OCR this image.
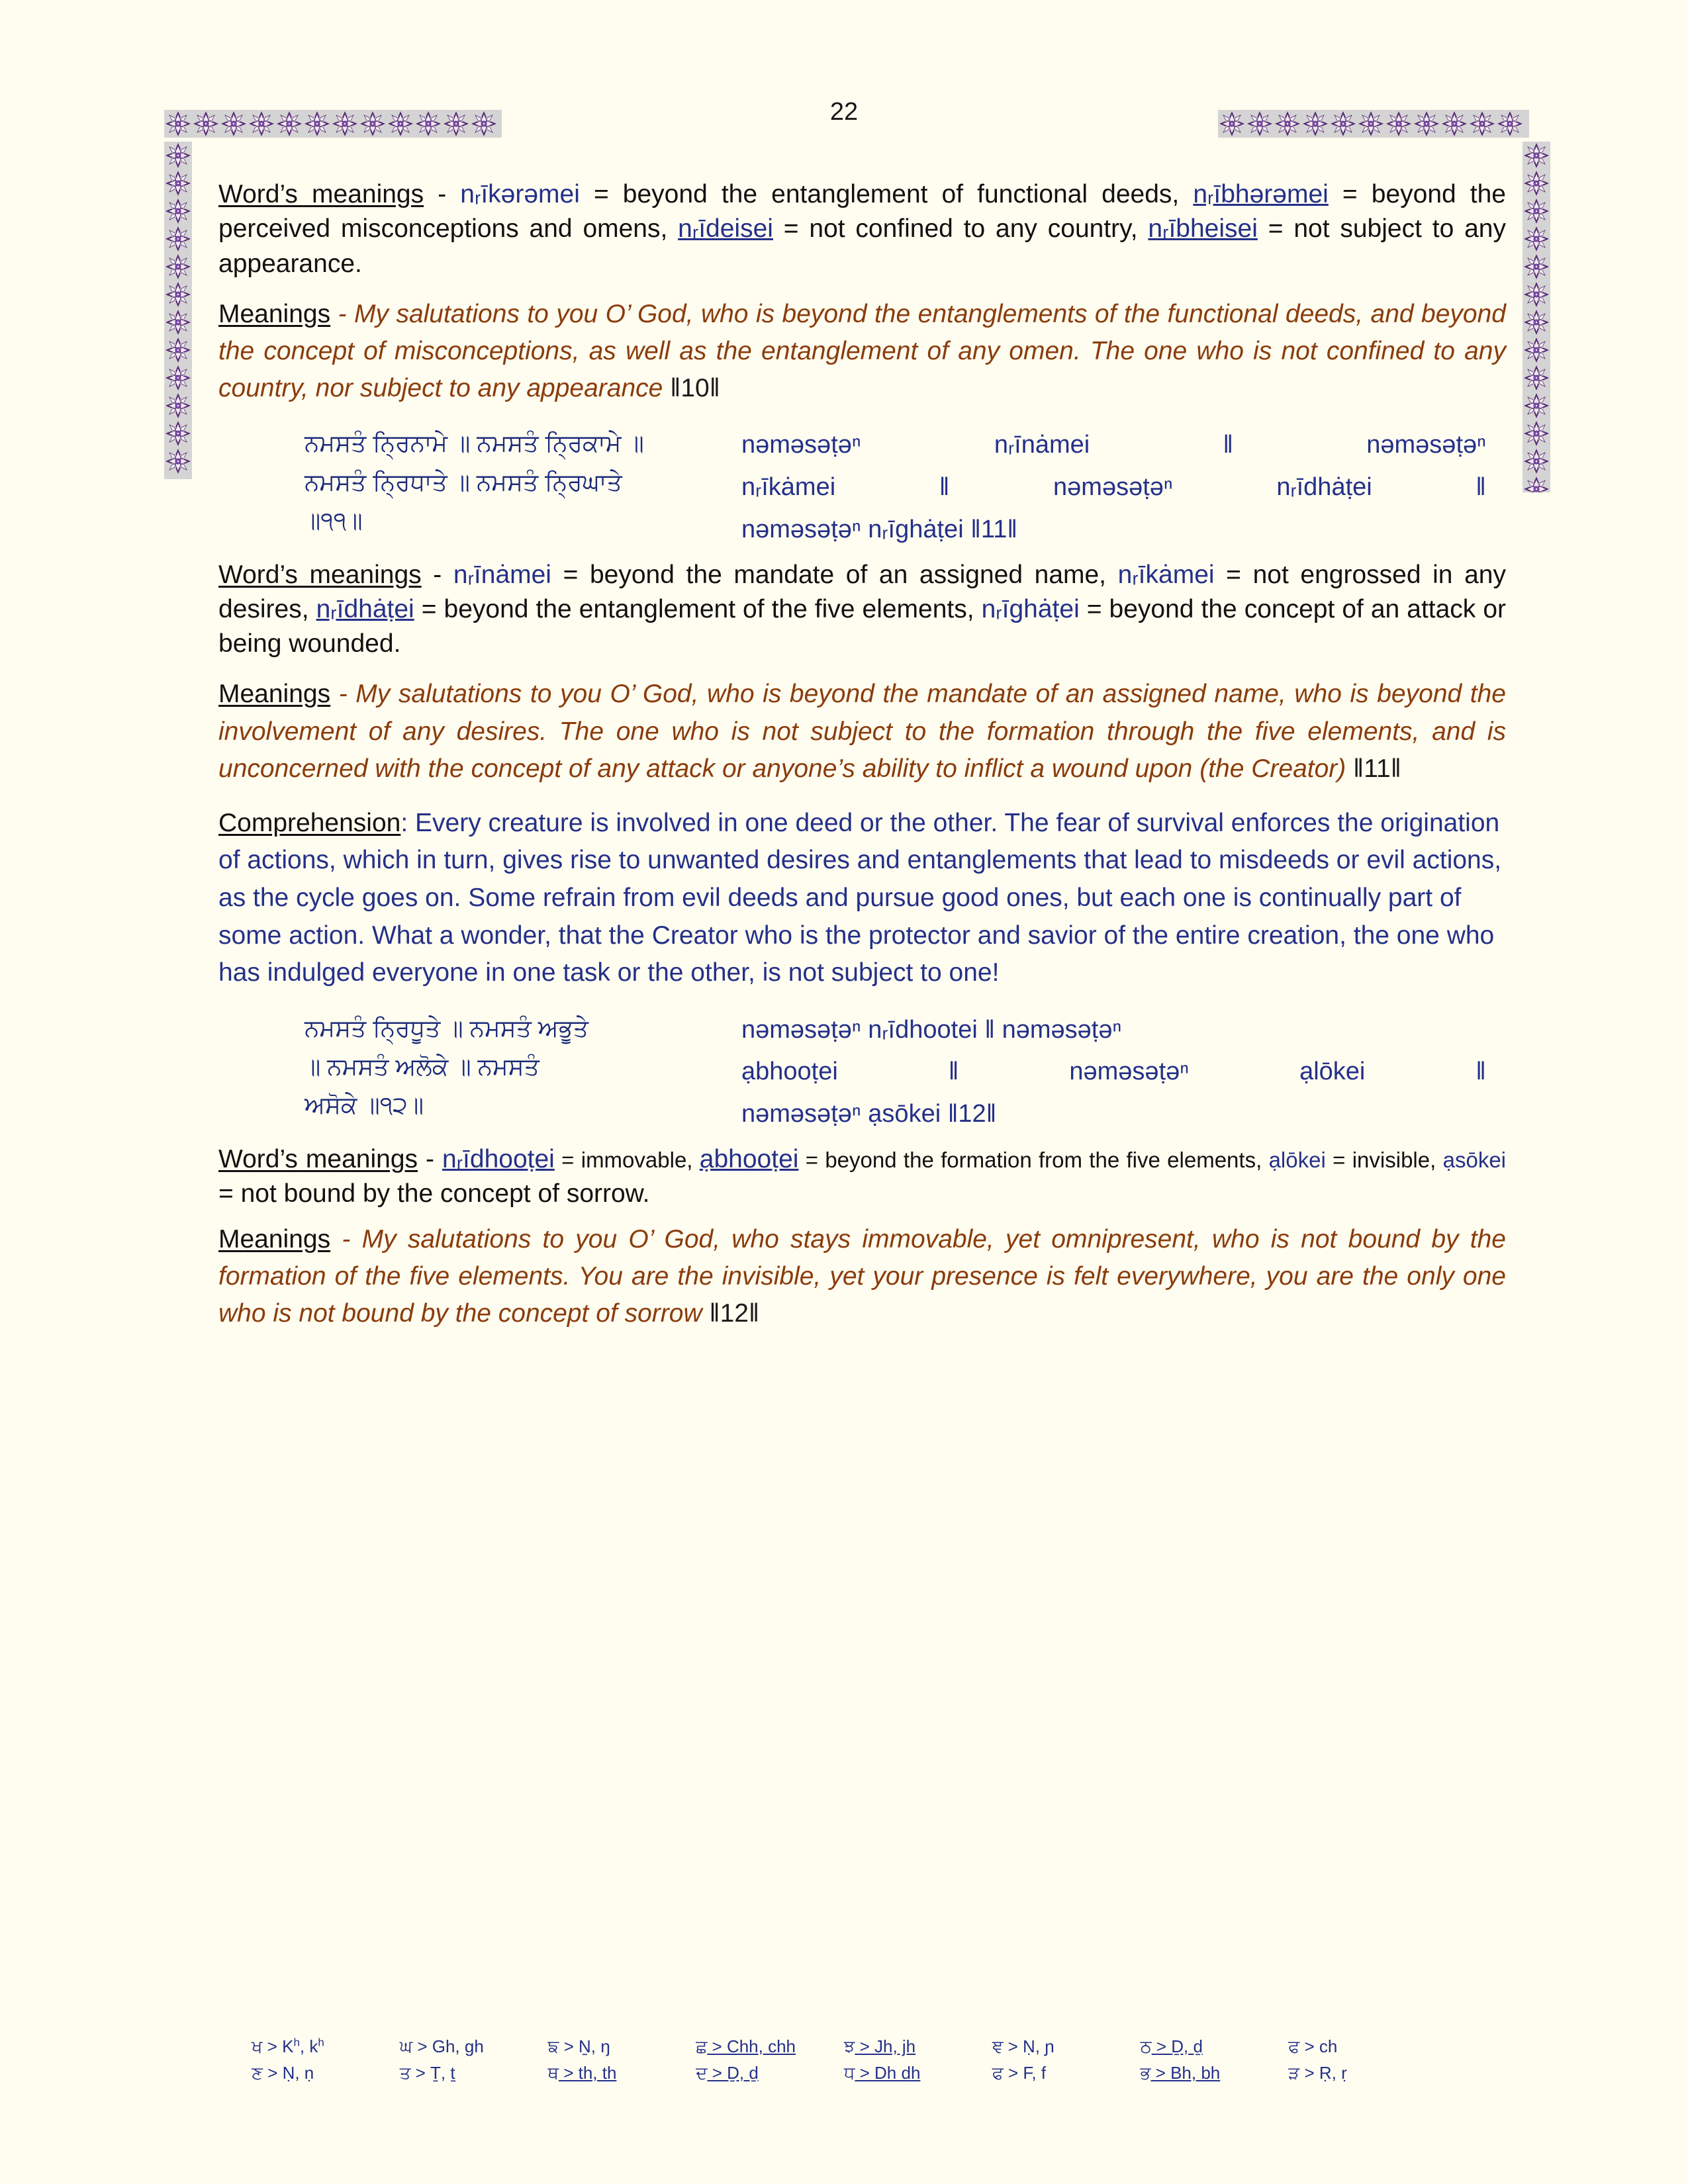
22

Word’s meanings - nᵣīkərəmei = beyond the entanglement of functional deeds, nᵣībhərəmei = beyond the perceived misconceptions and omens, nᵣīdeisei = not confined to any country, nᵣībheisei = not subject to any appearance.

Meanings - My salutations to you O’ God, who is beyond the entanglements of the functional deeds, and beyond the concept of misconceptions, as well as the entanglement of any omen. The one who is not confined to any country, nor subject to any appearance ǁ10ǁ

ਨਮਸਤੰ ਨ੍ਰਿਨਾਮੇ ॥ ਨਮਸਤੰ ਨ੍ਰਿਕਾਮੇ ॥
ਨਮਸਤੰ ਨ੍ਰਿਧਾਤੇ ॥ ਨਮਸਤੰ ਨ੍ਰਿਘਾਤੇ
॥੧੧॥
nəməsəṭəⁿ nᵣīnȧmei ǁ nəməsəṭəⁿ
nᵣīkȧmei ǁ nəməsəṭəⁿ nᵣīdhȧṭei ǁ
nəməsəṭəⁿ nᵣīghȧṭei ǁ11ǁ

Word’s meanings - nᵣīnȧmei = beyond the mandate of an assigned name, nᵣīkȧmei = not engrossed in any desires, nᵣīdhȧṭei = beyond the entanglement of the five elements, nᵣīghȧṭei = beyond the concept of an attack or being wounded.

Meanings - My salutations to you O’ God, who is beyond the mandate of an assigned name, who is beyond the involvement of any desires. The one who is not subject to the formation through the five elements, and is unconcerned with the concept of any attack or anyone’s ability to inflict a wound upon (the Creator) ǁ11ǁ

Comprehension: Every creature is involved in one deed or the other. The fear of survival enforces the origination of actions, which in turn, gives rise to unwanted desires and entanglements that lead to misdeeds or evil actions, as the cycle goes on. Some refrain from evil deeds and pursue good ones, but each one is continually part of some action. What a wonder, that the Creator who is the protector and savior of the entire creation, the one who has indulged everyone in one task or the other, is not subject to one!

ਨਮਸਤੰ ਨ੍ਰਿਧੂਤੇ ॥ ਨਮਸਤੰ ਅਭੂਤੇ
॥ ਨਮਸਤੰ ਅਲੋਕੇ ॥ ਨਮਸਤੰ
ਅਸੋਕੇ ॥੧੨॥
nəməsəṭəⁿ nᵣīdhootei ǁ nəməsəṭəⁿ
ạbhooṭei ǁ nəməsəṭəⁿ ạlōkei ǁ
nəməsəṭəⁿ ạsōkei ǁ12ǁ

Word’s meanings - nᵣīdhooṭei = immovable, ạbhooṭei = beyond the formation from the five elements, ạlōkei = invisible, ạsōkei = not bound by the concept of sorrow.

Meanings - My salutations to you O’ God, who stays immovable, yet omnipresent, who is not bound by the formation of the five elements. You are the invisible, yet your presence is felt everywhere, you are the only one who is not bound by the concept of sorrow ǁ12ǁ

ਖ > $K^h$, $k^h$	ਘ > Gh, gh	ਙ > Ṉ, ŋ	ਛ > Chh, chh	ਝ > Jh, jh	ਞ > Ṇ, ɲ	ਠ > Ḏ, ḏ	ਫ > ch
ਣ > Ṇ, ṇ	ਤ > Ṯ, ṯ	ਥ > th, th	ਦ > Ḏ, ḏ	ਧ > Dh dh	ਫ > F, f	ਭ > Bh, bh	ੜ > Ṛ, ṛ
